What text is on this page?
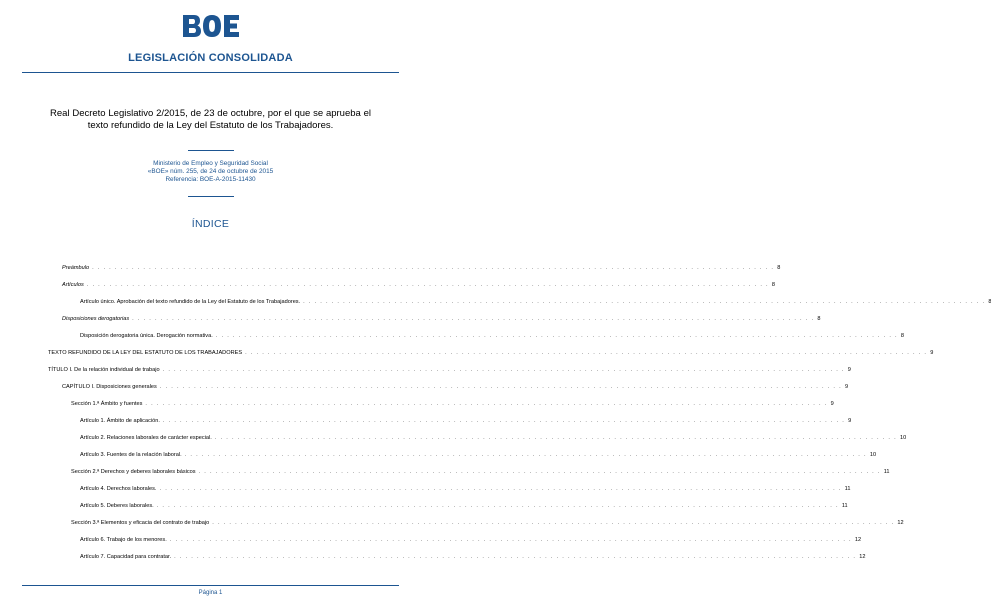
LEGISLACIÓN CONSOLIDADA
Real Decreto Legislativo 2/2015, de 23 de octubre, por el que se aprueba el texto refundido de la Ley del Estatuto de los Trabajadores.
Ministerio de Empleo y Seguridad Social
«BOE» núm. 255, de 24 de octubre de 2015
Referencia: BOE-A-2015-11430
ÍNDICE
Preámbulo . . . . . . . . . . . . . . . . . . . . . . . . . . . . . . . . . . . . . . . . . . . . . . . . . . . . . . . . . . . . . . . . . . . . . . . . . . . . . . . . . . . . . . . . . . . . . . . . . . . . . . . . . . . . . . . . . . . . . . . . 8
Artículos . . . . . . . . . . . . . . . . . . . . . . . . . . . . . . . . . . . . . . . . . . . . . . . . . . . . . . . . . . . . . . . . . . . . . . . . . . . . . . . . . . . . . . . . . . . . . . . . . . . . . . . . . . . . . . . . . . . . . . . . 8
Artículo único. Aprobación del texto refundido de la Ley del Estatuto de los Trabajadores. . . . . . . . . . . . . . . . . . . . . . . . . . . . . . . . . . . . . . . . . . . . . . . . . . . . . . . . . . . . . . . . . . . . . . . . . . . . . . . . . . . . . . . . . . . . . . . . . . . . . . . . . . . . . . . . . . . . . . . . . 8
Disposiciones derogatorias . . . . . . . . . . . . . . . . . . . . . . . . . . . . . . . . . . . . . . . . . . . . . . . . . . . . . . . . . . . . . . . . . . . . . . . . . . . . . . . . . . . . . . . . . . . . . . . . . . . . . . . . . . . . . . . . . . . . . . . . 8
Disposición derogatoria única. Derogación normativa. . . . . . . . . . . . . . . . . . . . . . . . . . . . . . . . . . . . . . . . . . . . . . . . . . . . . . . . . . . . . . . . . . . . . . . . . . . . . . . . . . . . . . . . . . . . . . . . . . . . . . . . . . . . . . . . . . . . . . . . . 8
TEXTO REFUNDIDO DE LA LEY DEL ESTATUTO DE LOS TRABAJADORES . . . . . . . . . . . . . . . . . . . . . . . . . . . . . . . . . . . . . . . . . . . . . . . . . . . . . . . . . . . . . . . . . . . . . . . . . . . . . . . . . . . . . . . . . . . . . . . . . . . . . . . . . . . . . . . . . . . . . . . . 9
TÍTULO I. De la relación individual de trabajo . . . . . . . . . . . . . . . . . . . . . . . . . . . . . . . . . . . . . . . . . . . . . . . . . . . . . . . . . . . . . . . . . . . . . . . . . . . . . . . . . . . . . . . . . . . . . . . . . . . . . . . . . . . . . . . . . . . . . . . . 9
CAPÍTULO I. Disposiciones generales . . . . . . . . . . . . . . . . . . . . . . . . . . . . . . . . . . . . . . . . . . . . . . . . . . . . . . . . . . . . . . . . . . . . . . . . . . . . . . . . . . . . . . . . . . . . . . . . . . . . . . . . . . . . . . . . . . . . . . . . 9
Sección 1.ª Ámbito y fuentes . . . . . . . . . . . . . . . . . . . . . . . . . . . . . . . . . . . . . . . . . . . . . . . . . . . . . . . . . . . . . . . . . . . . . . . . . . . . . . . . . . . . . . . . . . . . . . . . . . . . . . . . . . . . . . . . . . . . . . . . 9
Artículo 1. Ámbito de aplicación. . . . . . . . . . . . . . . . . . . . . . . . . . . . . . . . . . . . . . . . . . . . . . . . . . . . . . . . . . . . . . . . . . . . . . . . . . . . . . . . . . . . . . . . . . . . . . . . . . . . . . . . . . . . . . . . . . . . . . . . . 9
Artículo 2. Relaciones laborales de carácter especial. . . . . . . . . . . . . . . . . . . . . . . . . . . . . . . . . . . . . . . . . . . . . . . . . . . . . . . . . . . . . . . . . . . . . . . . . . . . . . . . . . . . . . . . . . . . . . . . . . . . . . . . . . . . . . . . . . . . . . . . . 10
Artículo 3. Fuentes de la relación laboral. . . . . . . . . . . . . . . . . . . . . . . . . . . . . . . . . . . . . . . . . . . . . . . . . . . . . . . . . . . . . . . . . . . . . . . . . . . . . . . . . . . . . . . . . . . . . . . . . . . . . . . . . . . . . . . . . . . . . . . . . 10
Sección 2.ª Derechos y deberes laborales básicos . . . . . . . . . . . . . . . . . . . . . . . . . . . . . . . . . . . . . . . . . . . . . . . . . . . . . . . . . . . . . . . . . . . . . . . . . . . . . . . . . . . . . . . . . . . . . . . . . . . . . . . . . . . . . . . . . . . . . . . . 11
Artículo 4. Derechos laborales. . . . . . . . . . . . . . . . . . . . . . . . . . . . . . . . . . . . . . . . . . . . . . . . . . . . . . . . . . . . . . . . . . . . . . . . . . . . . . . . . . . . . . . . . . . . . . . . . . . . . . . . . . . . . . . . . . . . . . . . . 11
Artículo 5. Deberes laborales. . . . . . . . . . . . . . . . . . . . . . . . . . . . . . . . . . . . . . . . . . . . . . . . . . . . . . . . . . . . . . . . . . . . . . . . . . . . . . . . . . . . . . . . . . . . . . . . . . . . . . . . . . . . . . . . . . . . . . . . . 11
Sección 3.ª Elementos y eficacia del contrato de trabajo . . . . . . . . . . . . . . . . . . . . . . . . . . . . . . . . . . . . . . . . . . . . . . . . . . . . . . . . . . . . . . . . . . . . . . . . . . . . . . . . . . . . . . . . . . . . . . . . . . . . . . . . . . . . . . . . . . . . . . . . 12
Artículo 6. Trabajo de los menores. . . . . . . . . . . . . . . . . . . . . . . . . . . . . . . . . . . . . . . . . . . . . . . . . . . . . . . . . . . . . . . . . . . . . . . . . . . . . . . . . . . . . . . . . . . . . . . . . . . . . . . . . . . . . . . . . . . . . . . . . 12
Artículo 7. Capacidad para contratar. . . . . . . . . . . . . . . . . . . . . . . . . . . . . . . . . . . . . . . . . . . . . . . . . . . . . . . . . . . . . . . . . . . . . . . . . . . . . . . . . . . . . . . . . . . . . . . . . . . . . . . . . . . . . . . . . . . . . . . . . 12
Página 1
